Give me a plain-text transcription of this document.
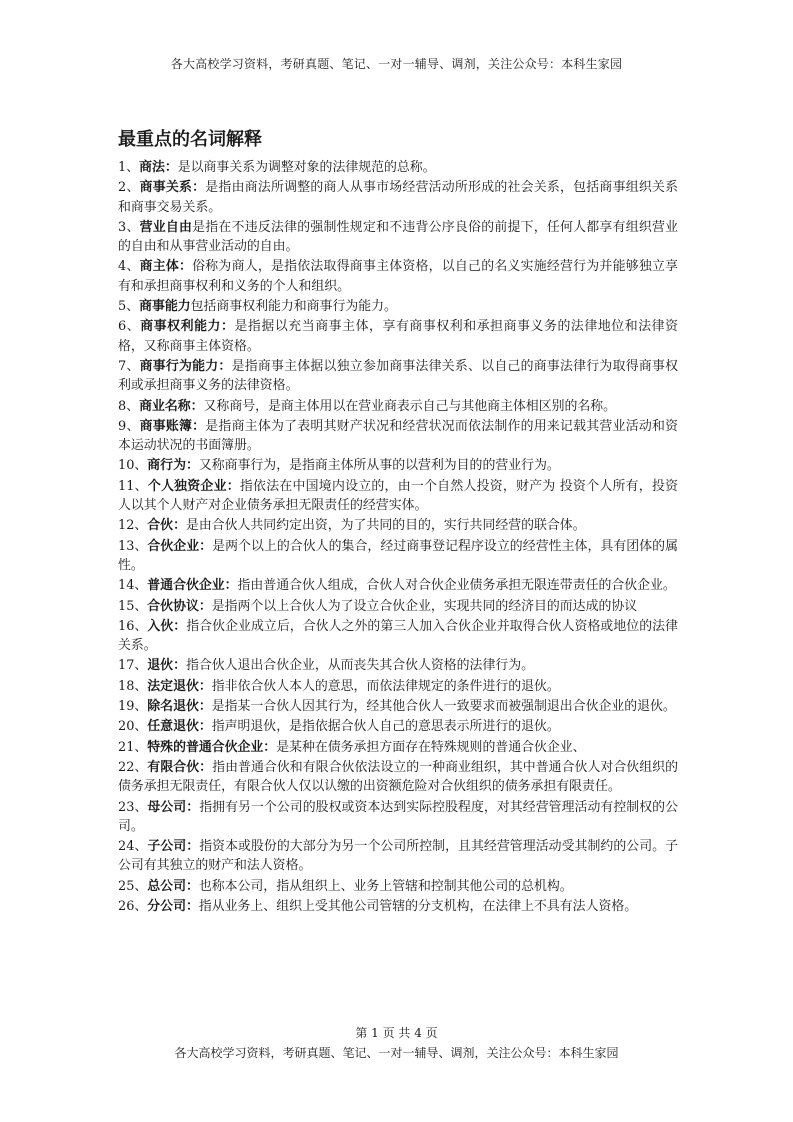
各大高校学习资料，考研真题、笔记、一对一辅导、调剂，关注公众号：本科生家园
最重点的名词解释

1、商法：是以商事关系为调整对象的法律规范的总称。

2、商事关系：是指由商法所调整的商人从事市场经营活动所形成的社会关系，包括商事组织关系和商事交易关系。

3、营业自由是指在不违反法律的强制性规定和不违背公序良俗的前提下，任何人都享有组织营业的自由和从事营业活动的自由。

4、商主体：俗称为商人，是指依法取得商事主体资格，以自己的名义实施经营行为并能够独立享有和承担商事权利和义务的个人和组织。

5、商事能力包括商事权利能力和商事行为能力。

6、商事权利能力：是指据以充当商事主体，享有商事权利和承担商事义务的法律地位和法律资格，又称商事主体资格。

7、商事行为能力：是指商事主体据以独立参加商事法律关系、以自己的商事法律行为取得商事权利或承担商事义务的法律资格。

8、商业名称：又称商号，是商主体用以在营业商表示自己与其他商主体相区别的名称。

9、商事账簿：是指商主体为了表明其财产状况和经营状况而依法制作的用来记载其营业活动和资本运动状况的书面簿册。

10、商行为：又称商事行为，是指商主体所从事的以营利为目的的营业行为。

11、个人独资企业：指依法在中国境内设立的，由一个自然人投资，财产为 投资个人所有，投资人以其个人财产对企业债务承担无限责任的经营实体。

12、合伙：是由合伙人共同约定出资，为了共同的目的，实行共同经营的联合体。

13、合伙企业：是两个以上的合伙人的集合，经过商事登记程序设立的经营性主体，具有团体的属性。

14、普通合伙企业：指由普通合伙人组成，合伙人对合伙企业债务承担无限连带责任的合伙企业。

15、合伙协议：是指两个以上合伙人为了设立合伙企业，实现共同的经济目的而达成的协议

16、入伙：指合伙企业成立后，合伙人之外的第三人加入合伙企业并取得合伙人资格或地位的法律关系。

17、退伙：指合伙人退出合伙企业，从而丧失其合伙人资格的法律行为。

18、法定退伙：指非依合伙人本人的意思，而依法律规定的条件进行的退伙。

19、除名退伙：是指某一合伙人因其行为，经其他合伙人一致要求而被强制退出合伙企业的退伙。

20、任意退伙：指声明退伙，是指依据合伙人自己的意思表示所进行的退伙。

21、特殊的普通合伙企业：是某种在债务承担方面存在特殊规则的普通合伙企业、

22、有限合伙：指由普通合伙和有限合伙依法设立的一种商业组织，其中普通合伙人对合伙组织的债务承担无限责任，有限合伙人仅以认缴的出资额危险对合伙组织的债务承担有限责任。

23、母公司：指拥有另一个公司的股权或资本达到实际控股程度，对其经营管理活动有控制权的公司。

24、子公司：指资本或股份的大部分为另一个公司所控制，且其经营管理活动受其制约的公司。子公司有其独立的财产和法人资格。

25、总公司：也称本公司，指从组织上、业务上管辖和控制其他公司的总机构。

26、分公司：指从业务上、组织上受其他公司管辖的分支机构，在法律上不具有法人资格。

第 1 页 共 4 页
各大高校学习资料，考研真题、笔记、一对一辅导、调剂，关注公众号：本科生家园
